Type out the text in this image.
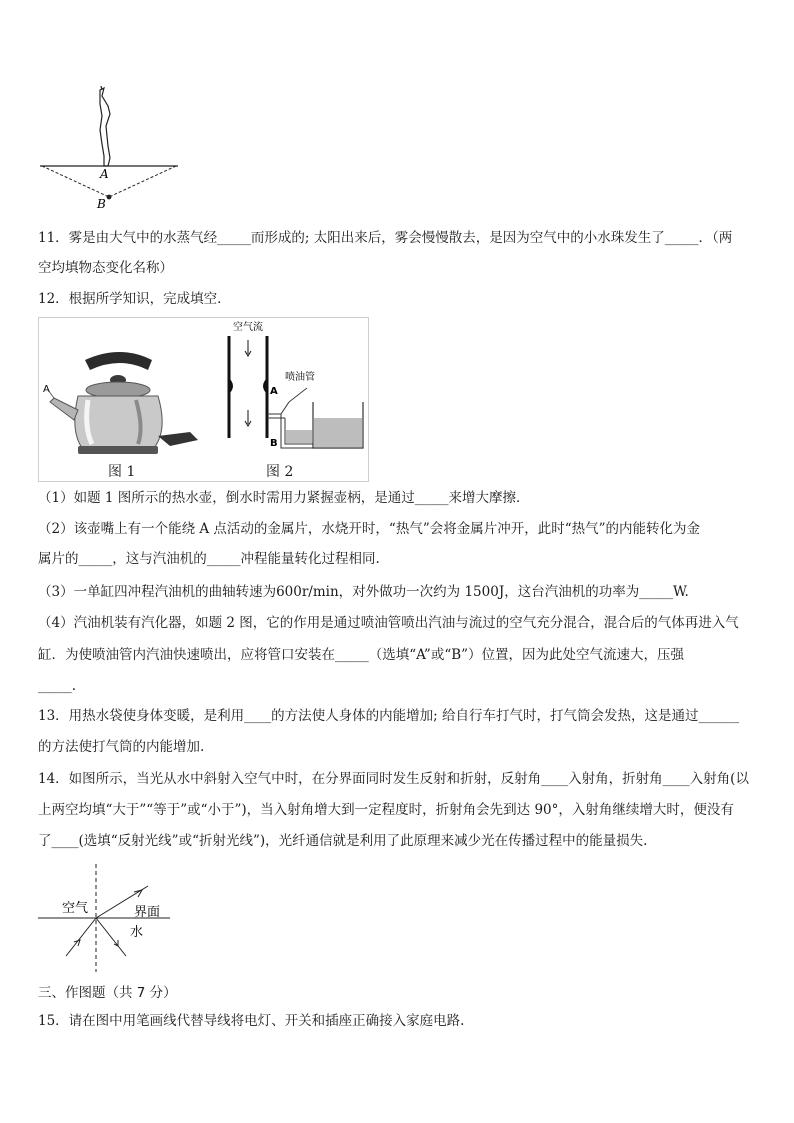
A
B
11．雾是由大气中的水蒸气经_____而形成的; 太阳出来后，雾会慢慢散去，是因为空气中的小水珠发生了_____．（两
空均填物态变化名称）
12．根据所学知识，完成填空．
A
图 1
空气流
A
B
喷油管
图 2
（1）如题 1 图所示的热水壶，倒水时需用力紧握壶柄，是通过_____来增大摩擦．
（2）该壶嘴上有一个能绕 A 点活动的金属片，水烧开时，“热气”会将金属片冲开，此时“热气”的内能转化为金
属片的_____，这与汽油机的_____冲程能量转化过程相同.
（3）一单缸四冲程汽油机的曲轴转速为600r/min，对外做功一次约为 1500J，这台汽油机的功率为_____W.
（4）汽油机装有汽化器，如题 2 图，它的作用是通过喷油管喷出汽油与流过的空气充分混合，混合后的气体再进入气
缸．为使喷油管内汽油快速喷出，应将管口安装在_____（选填“A”或“B”）位置，因为此处空气流速大，压强
_____.
13．用热水袋使身体变暖，是利用____的方法使人身体的内能增加; 给自行车打气时，打气筒会发热，这是通过______
的方法使打气筒的内能增加.
14．如图所示，当光从水中斜射入空气中时，在分界面同时发生反射和折射，反射角____入射角，折射角____入射角(以
上两空均填“大于”“等于”或“小于”)，当入射角增大到一定程度时，折射角会先到达 90°，入射角继续增大时，便没有
了____(选填“反射光线”或“折射光线”)，光纤通信就是利用了此原理来减少光在传播过程中的能量损失.
空气	界面
水
三、作图题（共 7 分）
15．请在图中用笔画线代替导线将电灯、开关和插座正确接入家庭电路.
